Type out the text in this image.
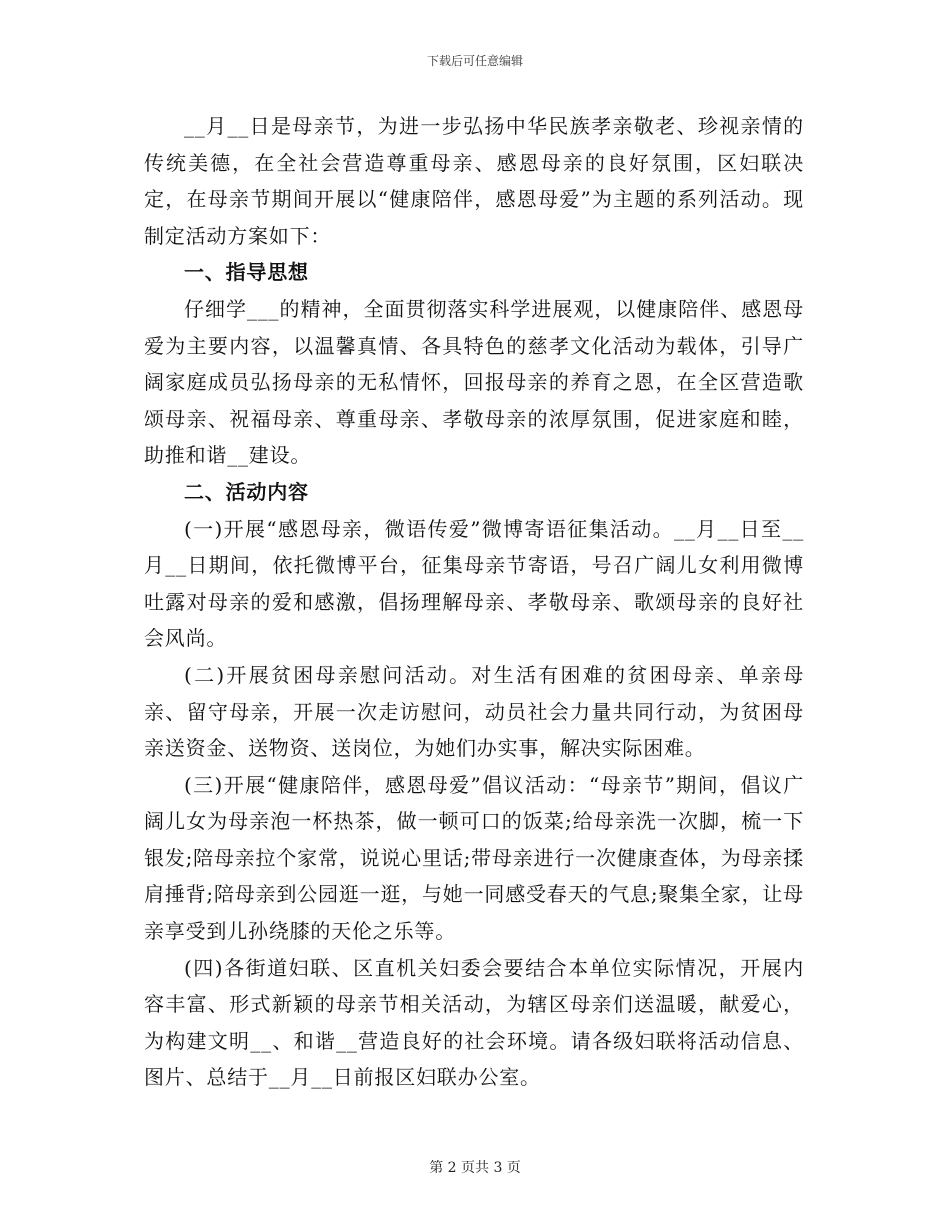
下载后可任意编辑

__月__日是母亲节，为进一步弘扬中华民族孝亲敬老、珍视亲情的传统美德，在全社会营造尊重母亲、感恩母亲的良好氛围，区妇联决定，在母亲节期间开展以“健康陪伴，感恩母爱”为主题的系列活动。现制定活动方案如下：

一、指导思想

仔细学___的精神，全面贯彻落实科学进展观，以健康陪伴、感恩母爱为主要内容，以温馨真情、各具特色的慈孝文化活动为载体，引导广阔家庭成员弘扬母亲的无私情怀，回报母亲的养育之恩，在全区营造歌颂母亲、祝福母亲、尊重母亲、孝敬母亲的浓厚氛围，促进家庭和睦，助推和谐__建设。

二、活动内容

(一)开展“感恩母亲，微语传爱”微博寄语征集活动。__月__日至__月__日期间，依托微博平台，征集母亲节寄语，号召广阔儿女利用微博吐露对母亲的爱和感激，倡扬理解母亲、孝敬母亲、歌颂母亲的良好社会风尚。

(二)开展贫困母亲慰问活动。对生活有困难的贫困母亲、单亲母亲、留守母亲，开展一次走访慰问，动员社会力量共同行动，为贫困母亲送资金、送物资、送岗位，为她们办实事，解决实际困难。

(三)开展“健康陪伴，感恩母爱”倡议活动：“母亲节”期间，倡议广阔儿女为母亲泡一杯热茶，做一顿可口的饭菜;给母亲洗一次脚，梳一下银发;陪母亲拉个家常，说说心里话;带母亲进行一次健康查体，为母亲揉肩捶背;陪母亲到公园逛一逛，与她一同感受春天的气息;聚集全家，让母亲享受到儿孙绕膝的天伦之乐等。

(四)各街道妇联、区直机关妇委会要结合本单位实际情况，开展内容丰富、形式新颖的母亲节相关活动，为辖区母亲们送温暖，献爱心，为构建文明__、和谐__营造良好的社会环境。请各级妇联将活动信息、图片、总结于__月__日前报区妇联办公室。

第 2 页共 3 页
